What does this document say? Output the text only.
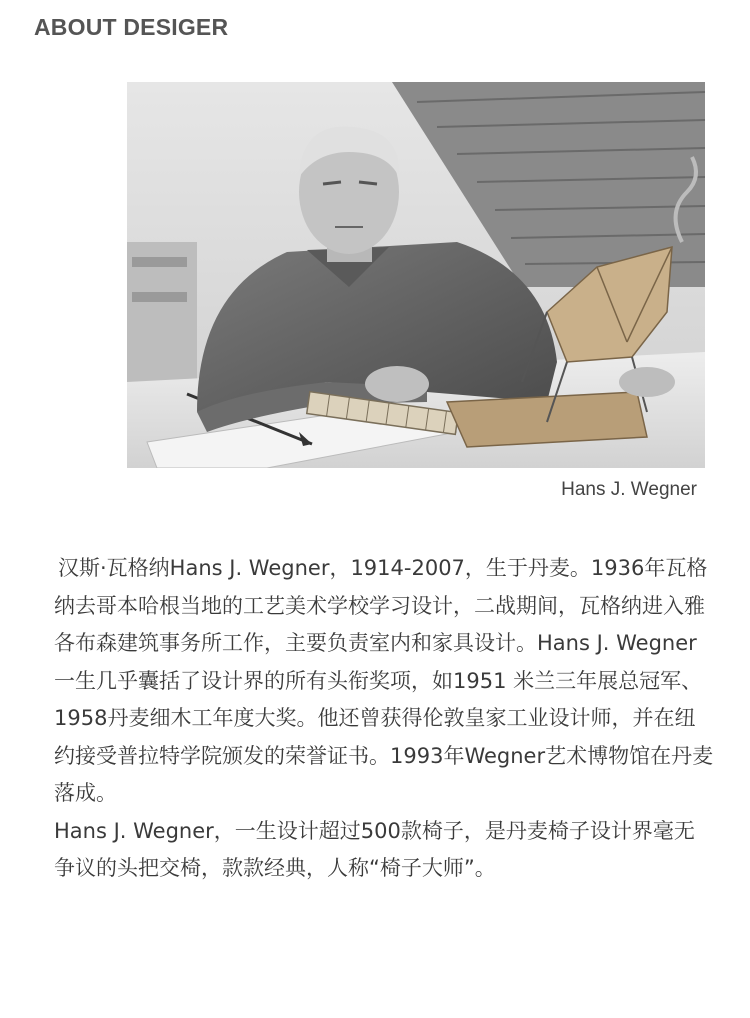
ABOUT DESIGER
Hans J. Wegner

汉斯·瓦格纳Hans J. Wegner，1914-2007，生于丹麦。1936年瓦格纳去哥本哈根当地的工艺美术学校学习设计，二战期间，瓦格纳进入雅各布森建筑事务所工作，主要负责室内和家具设计。Hans J. Wegner一生几乎囊括了设计界的所有头衔奖项，如1951 米兰三年展总冠军、1958丹麦细木工年度大奖。他还曾获得伦敦皇家工业设计师，并在纽约接受普拉特学院颁发的荣誉证书。1993年Wegner艺术博物馆在丹麦落成。

Hans J. Wegner，一生设计超过500款椅子，是丹麦椅子设计界毫无争议的头把交椅，款款经典，人称“椅子大师”。
